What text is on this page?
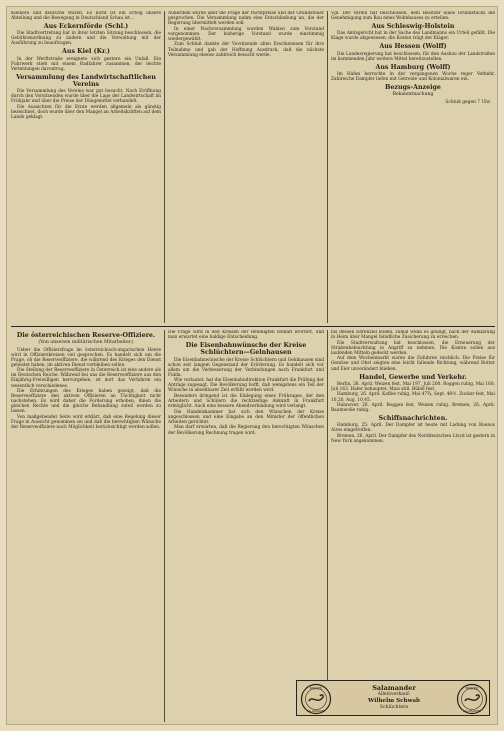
Kleinere und deutsche Waren. Es nicht ist ein Erfolg unsere Abteilung und die Bewegung in Deutschland Schau ist...

Aus Eckernförde (Schl.)

Die Stadtvertretung hat in ihrer letzten Sitzung beschlossen, die Gebührenordnung zu ändern und die Verwaltung mit der Ausführung zu beauftragen.

Aus Kiel (Kr.)

In der Werftstraße ereignete sich gestern ein Unfall. Ein Fuhrwerk stieß mit einem Radfahrer zusammen, der leichte Verletzungen davontrug.

Versammlung des Landwirtschaftlichen Vereins

Die Versammlung des Vereins war gut besucht. Nach Eröffnung durch den Vorsitzenden wurde über die Lage der Landwirtschaft im Frühjahr und über die Preise der Düngemittel verhandelt.

Die Aussichten für die Ernte werden allgemein als günstig bezeichnet, doch wurde über den Mangel an Arbeitskräften auf dem Lande geklagt.

Außerdem wurde über die Frage der Pachtpreise und der Grundsteuer gesprochen. Die Versammlung nahm eine Entschließung an, die der Regierung übermittelt werden soll.

In einer Nachversammlung wurden Wahlen zum Vorstand vorgenommen. Der bisherige Vorstand wurde einstimmig wiedergewählt.

Zum Schluß dankte der Vorsitzende allen Erschienenen für ihre Teilnahme und gab der Hoffnung Ausdruck, daß die nächste Versammlung ebenso zahlreich besucht werde.

Vgl. Der Verein hat beschlossen, dem Besitzer eines Grundstücks die Genehmigung zum Bau eines Wohnhauses zu erteilen.

Aus Schleswig-Holstein

Das Amtsgericht hat in der Sache des Landmanns ein Urteil gefällt. Die Klage wurde abgewiesen, die Kosten trägt der Kläger.

Aus Hessen (Wolff)

Die Landesregierung hat beschlossen, für den Ausbau der Landstraßen im kommenden Jahr weitere Mittel bereitzustellen.

Aus Hamburg (Wolff)

Im Hafen herrschte in der vergangenen Woche reger Verkehr. Zahlreiche Dampfer liefen mit Getreide und Kolonialwaren ein.

Bezugs-Anzeige
Bekanntmachung

Schluß gegen 7 Uhr.

Die österreichischen Reserve-Offiziere.
(Von unserem militärischen Mitarbeiter.)

Ueber die Offiziersfrage im österreichisch-ungarischen Heere wird in Offizierskreisen viel gesprochen. Es handelt sich um die Frage, ob die Reserveoffiziere, die während des Krieges den Dienst geleistet haben, im aktiven Dienst verbleiben sollen.

Die Stellung der Reserveoffiziere in Österreich ist eine andere als im Deutschen Reiche. Während bei uns die Reserveoffiziere aus den Einjährig-Freiwilligen hervorgehen, ist dort das Verfahren ein wesentlich verschiedenes.

Die Erfahrungen des Krieges haben gezeigt, daß die Reserveoffiziere den aktiven Offizieren an Tüchtigkeit nicht nachstehen. Es wird daher die Forderung erhoben, ihnen die gleichen Rechte und die gleiche Behandlung zuteil werden zu lassen.

Von maßgebender Seite wird erklärt, daß eine Regelung dieser Frage in Aussicht genommen sei und daß die berechtigten Wünsche der Reserveoffiziere nach Möglichkeit berücksichtigt werden sollen.

Die Frage wird in den Kreisen der Beteiligten lebhaft erörtert, und man erwartet eine baldige Entscheidung.

Die Eisenbahnwünsche der Kreise Schlüchtern—Gelnhausen

Die Eisenbahnwünsche der Kreise Schlüchtern und Gelnhausen sind schon seit langem Gegenstand der Erörterung. Es handelt sich vor allem um die Verbesserung der Verbindungen nach Frankfurt und Fulda.

Wie verlautet, hat die Eisenbahndirektion Frankfurt die Prüfung der Anträge zugesagt. Die Bevölkerung hofft, daß wenigstens ein Teil der Wünsche in absehbarer Zeit erfüllt werden wird.

Besonders dringend ist die Einlegung eines Frühzuges, der den Arbeitern und Schülern die rechtzeitige Ankunft in Frankfurt ermöglicht. Auch eine bessere Abendverbindung wird verlangt.

Die Handelskammer hat sich den Wünschen der Kreise angeschlossen und eine Eingabe an den Minister der öffentlichen Arbeiten gerichtet.

Man darf erwarten, daß die Regierung den berechtigten Wünschen der Bevölkerung Rechnung tragen wird.

bis dessen Ehrenziel leiden, zumal wenn es gelingt, nach der Aufklärung in Heim über Mangel feindliche Zusicherung zu erreichen.

Die Stadtverwaltung hat beschlossen, die Erneuerung der Straßenbeleuchtung in Angriff zu nehmen. Die Kosten sollen aus laufenden Mitteln gedeckt werden.

Auf dem Wochenmarkt waren die Zufuhren reichlich. Die Preise für Gemüse und Obst zeigten eine leicht fallende Richtung, während Butter und Eier unverändert blieben.

Handel, Gewerbe und Verkehr.

Berlin, 26. April. Weizen fest, Mai 197, Juli 200. Roggen ruhig, Mai 160, Juli 163. Hafer behauptet. Mais still. Rüböl fest.

Hamburg, 26. April. Kaffee ruhig, Mai 47¾, Sept. 48½. Zucker fest, Mai 10,20, Aug. 10,45.

Hannover, 26. April. Roggen fest, Weizen ruhig. Bremen, 26. April. Baumwolle ruhig.

Schiffsnachrichten.

Hamburg, 25. April. Der Dampfer ist heute mit Ladung von Buenos Aires eingetroffen.

Bremen, 26. April. Der Dampfer des Norddeutschen Lloyd ist gestern in New York angekommen.

MARKE
SALAMANDER
Salamander
Alleinverkauf:
Wilhelm Schwab
Schlüchtern
MARKE
SALAMANDER
